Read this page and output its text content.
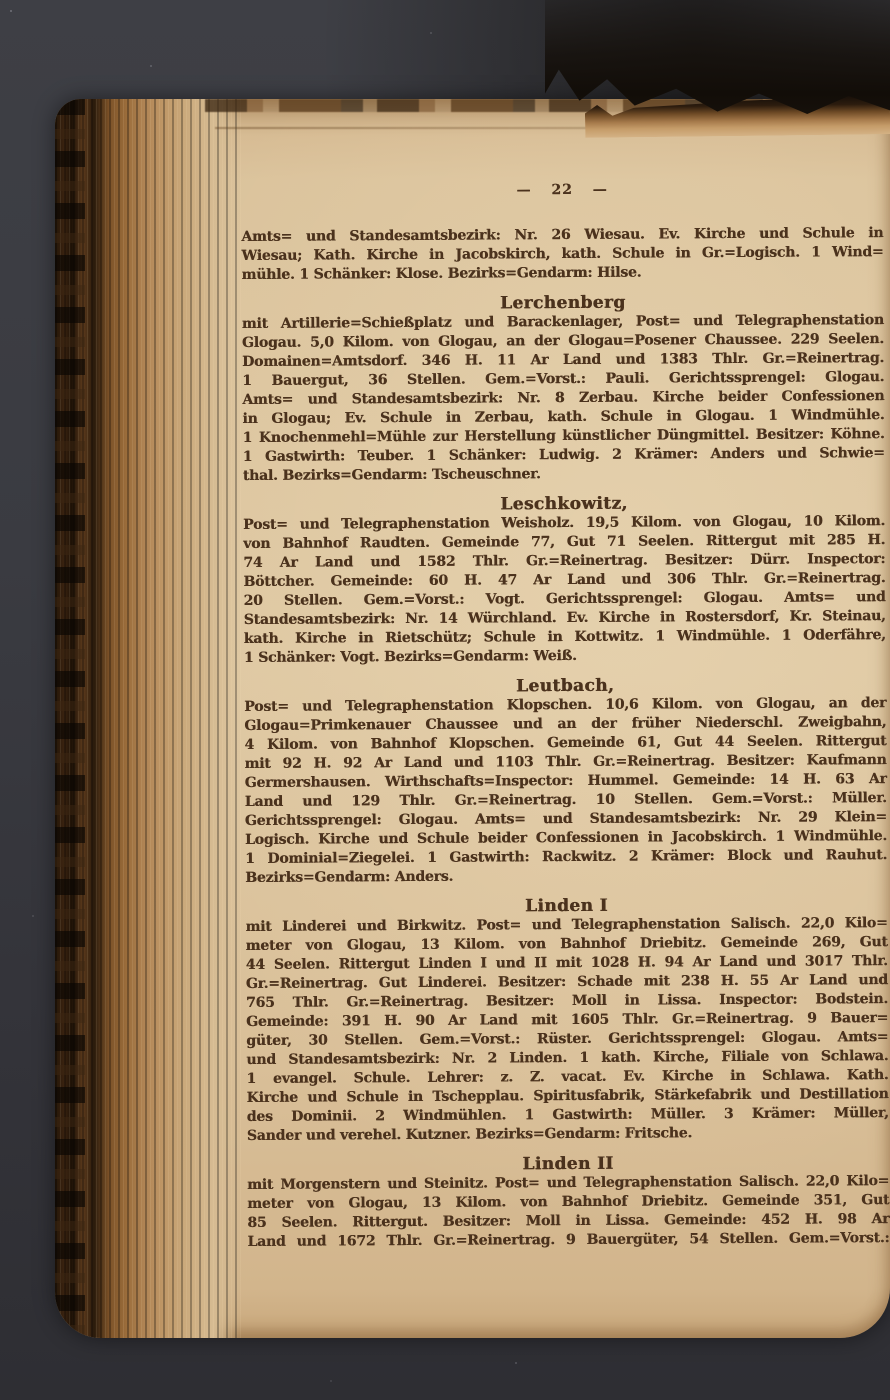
— 22 —
Amts= und Standesamtsbezirk: Nr. 26 Wiesau. Ev. Kirche und Schule in
Wiesau; Kath. Kirche in Jacobskirch, kath. Schule in Gr.=Logisch. 1 Wind=
mühle. 1 Schänker: Klose. Bezirks=Gendarm: Hilse.
Lerchenberg
mit Artillerie=Schießplatz und Barackenlager, Post= und Telegraphenstation
Glogau. 5,0 Kilom. von Glogau, an der Glogau=Posener Chaussee. 229 Seelen.
Domainen=Amtsdorf. 346 H. 11 Ar Land und 1383 Thlr. Gr.=Reinertrag.
1 Bauergut, 36 Stellen. Gem.=Vorst.: Pauli. Gerichtssprengel: Glogau.
Amts= und Standesamtsbezirk: Nr. 8 Zerbau. Kirche beider Confessionen
in Glogau; Ev. Schule in Zerbau, kath. Schule in Glogau. 1 Windmühle.
1 Knochenmehl=Mühle zur Herstellung künstlicher Düngmittel. Besitzer: Köhne.
1 Gastwirth: Teuber. 1 Schänker: Ludwig. 2 Krämer: Anders und Schwie=
thal. Bezirks=Gendarm: Tscheuschner.
Leschkowitz,
Post= und Telegraphenstation Weisholz. 19,5 Kilom. von Glogau, 10 Kilom.
von Bahnhof Raudten. Gemeinde 77, Gut 71 Seelen. Rittergut mit 285 H.
74 Ar Land und 1582 Thlr. Gr.=Reinertrag. Besitzer: Dürr. Inspector:
Böttcher. Gemeinde: 60 H. 47 Ar Land und 306 Thlr. Gr.=Reinertrag.
20 Stellen. Gem.=Vorst.: Vogt. Gerichtssprengel: Glogau. Amts= und
Standesamtsbezirk: Nr. 14 Würchland. Ev. Kirche in Rostersdorf, Kr. Steinau,
kath. Kirche in Rietschütz; Schule in Kottwitz. 1 Windmühle. 1 Oderfähre,
1 Schänker: Vogt. Bezirks=Gendarm: Weiß.
Leutbach,
Post= und Telegraphenstation Klopschen. 10,6 Kilom. von Glogau, an der
Glogau=Primkenauer Chaussee und an der früher Niederschl. Zweigbahn,
4 Kilom. von Bahnhof Klopschen. Gemeinde 61, Gut 44 Seelen. Rittergut
mit 92 H. 92 Ar Land und 1103 Thlr. Gr.=Reinertrag. Besitzer: Kaufmann
Germershausen. Wirthschafts=Inspector: Hummel. Gemeinde: 14 H. 63 Ar
Land und 129 Thlr. Gr.=Reinertrag. 10 Stellen. Gem.=Vorst.: Müller.
Gerichtssprengel: Glogau. Amts= und Standesamtsbezirk: Nr. 29 Klein=
Logisch. Kirche und Schule beider Confessionen in Jacobskirch. 1 Windmühle.
1 Dominial=Ziegelei. 1 Gastwirth: Rackwitz. 2 Krämer: Block und Rauhut.
Bezirks=Gendarm: Anders.
Linden I
mit Linderei und Birkwitz. Post= und Telegraphenstation Salisch. 22,0 Kilo=
meter von Glogau, 13 Kilom. von Bahnhof Driebitz. Gemeinde 269, Gut
44 Seelen. Rittergut Linden I und II mit 1028 H. 94 Ar Land und 3017 Thlr.
Gr.=Reinertrag. Gut Linderei. Besitzer: Schade mit 238 H. 55 Ar Land und
765 Thlr. Gr.=Reinertrag. Besitzer: Moll in Lissa. Inspector: Bodstein.
Gemeinde: 391 H. 90 Ar Land mit 1605 Thlr. Gr.=Reinertrag. 9 Bauer=
güter, 30 Stellen. Gem.=Vorst.: Rüster. Gerichtssprengel: Glogau. Amts=
und Standesamtsbezirk: Nr. 2 Linden. 1 kath. Kirche, Filiale von Schlawa.
1 evangel. Schule. Lehrer: z. Z. vacat. Ev. Kirche in Schlawa. Kath.
Kirche und Schule in Tschepplau. Spiritusfabrik, Stärkefabrik und Destillation
des Dominii. 2 Windmühlen. 1 Gastwirth: Müller. 3 Krämer: Müller,
Sander und verehel. Kutzner. Bezirks=Gendarm: Fritsche.
Linden II
mit Morgenstern und Steinitz. Post= und Telegraphenstation Salisch. 22,0 Kilo=
meter von Glogau, 13 Kilom. von Bahnhof Driebitz. Gemeinde 351, Gut
85 Seelen. Rittergut. Besitzer: Moll in Lissa. Gemeinde: 452 H. 98 Ar
Land und 1672 Thlr. Gr.=Reinertrag. 9 Bauergüter, 54 Stellen. Gem.=Vorst.:
